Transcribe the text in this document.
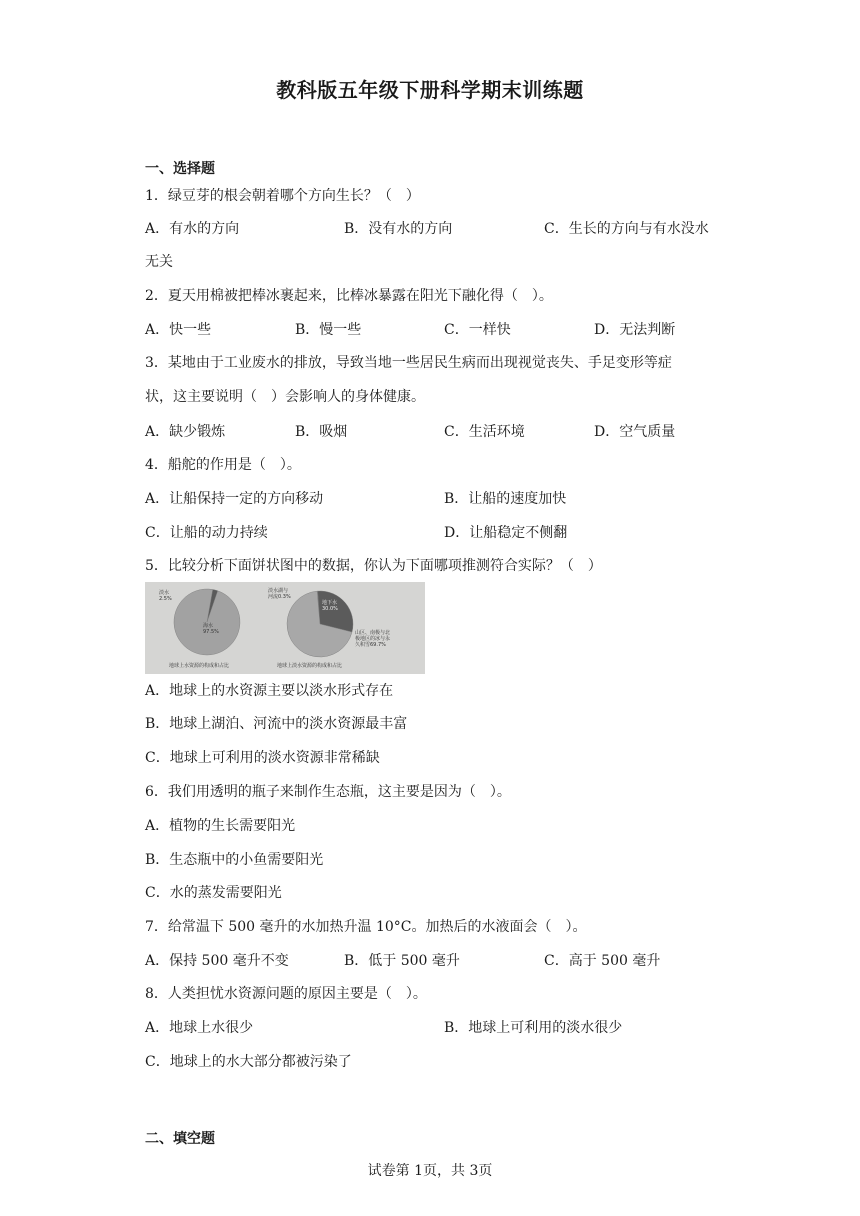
教科版五年级下册科学期末训练题
一、选择题
1．绿豆芽的根会朝着哪个方向生长？（　）
A．有水的方向	B．没有水的方向	C．生长的方向与有水没水
无关
2．夏天用棉被把棒冰裹起来，比棒冰暴露在阳光下融化得（　）。
A．快一些	B．慢一些	C．一样快	D．无法判断
3．某地由于工业废水的排放，导致当地一些居民生病而出现视觉丧失、手足变形等症
状，这主要说明（　）会影响人的身体健康。
A．缺少锻炼	B．吸烟	C．生活环境	D．空气质量
4．船舵的作用是（　）。
A．让船保持一定的方向移动	B．让船的速度加快
C．让船的动力持续	D．让船稳定不侧翻
5．比较分析下面饼状图中的数据，你认为下面哪项推测符合实际？（　）
淡水 2.5%
海水 97.5%
淡水湖与河流0.3%
地下水 30.0%
山区、南极与北极地区的冰与永久积雪69.7%
地球上水资源的构成和占比	地球上淡水资源的构成和占比
A．地球上的水资源主要以淡水形式存在
B．地球上湖泊、河流中的淡水资源最丰富
C．地球上可利用的淡水资源非常稀缺
6．我们用透明的瓶子来制作生态瓶，这主要是因为（　）。
A．植物的生长需要阳光
B．生态瓶中的小鱼需要阳光
C．水的蒸发需要阳光
7．给常温下 500 毫升的水加热升温 10°C。加热后的水液面会（　）。
A．保持 500 毫升不变	B．低于 500 毫升	C．高于 500 毫升
8．人类担忧水资源问题的原因主要是（　）。
A．地球上水很少	B．地球上可利用的淡水很少
C．地球上的水大部分都被污染了
二、填空题
试卷第 1页，共 3页
